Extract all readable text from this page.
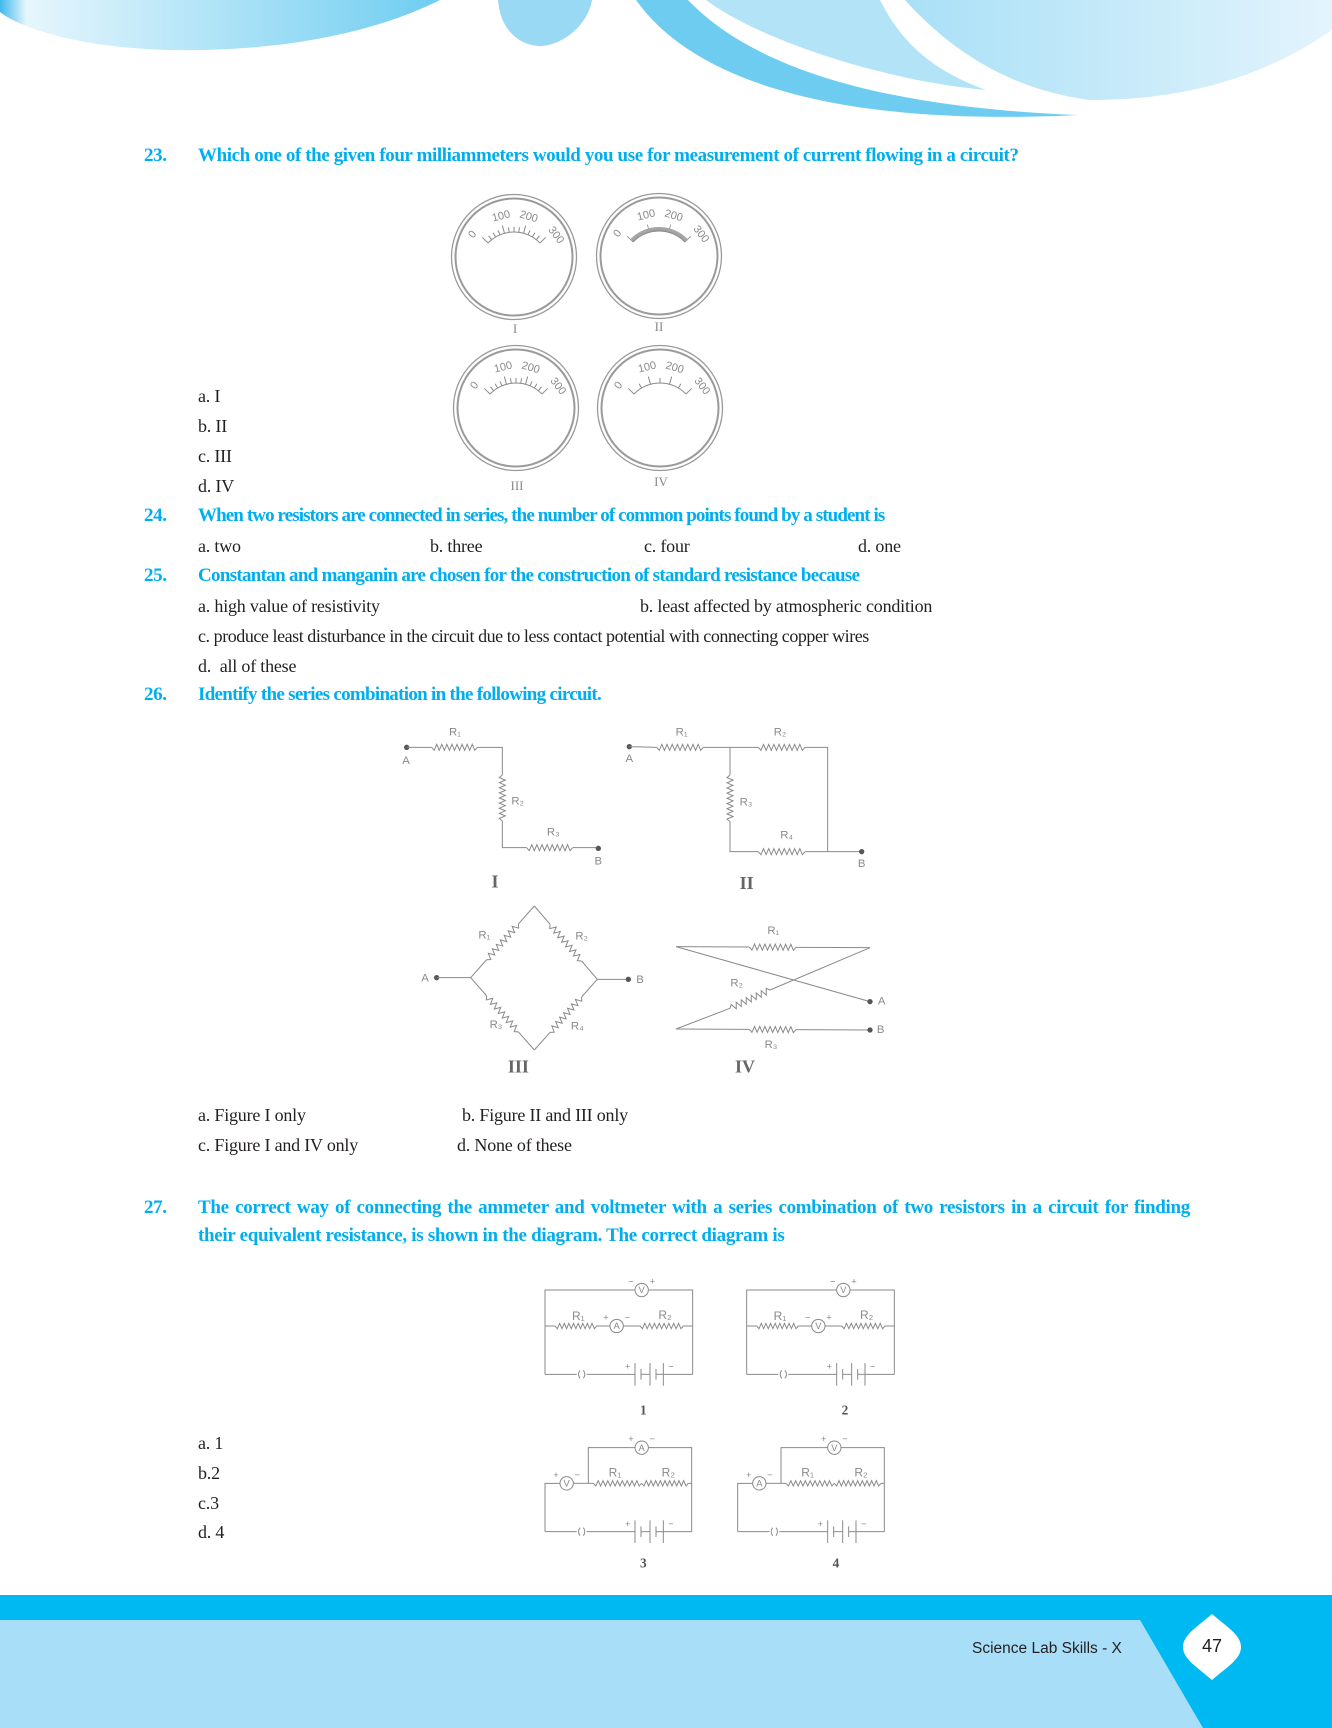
23. Which one of the given four milliammeters would you use for measurement of current flowing in a circuit?
0
100 200
300
I
0
100 200
300
II
0
100 200
300
III
0
100 200
300
IV
a. I
b. II
c. III
d. IV
24. When two resistors are connected in series, the number of common points found by a student is
a. two	b. three	c. four	d. one
25. Constantan and manganin are chosen for the construction of standard resistance because
a. high value of resistivity	b. least affected by atmospheric condition
c. produce least disturbance in the circuit due to less contact potential with connecting copper wires
d.  all of these
26. Identify the series combination in the following circuit.
R₁
A
R₂
R₃
B
I
R₁	R₂
R₃
R₄
A
B
II
R₁	R₂
R₃ R₄
A	B
III
R₁
R₂
R₃
A
B
IV
a. Figure I only	b. Figure II and III only
c. Figure I and IV only	d. None of these
27. The correct way of connecting the ammeter and voltmeter with a series combination of two resistors in a circuit for finding their equivalent resistance, is shown in the diagram. The correct diagram is
V
− +
A
+ −
R₁ R₂
+ −
1
V
− +
V
− +
R₁ R₂
+ −
2
V
+ −
A
+ −
R₁ R₂
+ −
3
A
+ −
V
+ −
R₁ R₂
+ −
4
a. 1
b.2
c.3
d. 4
Science Lab Skills - X	47
